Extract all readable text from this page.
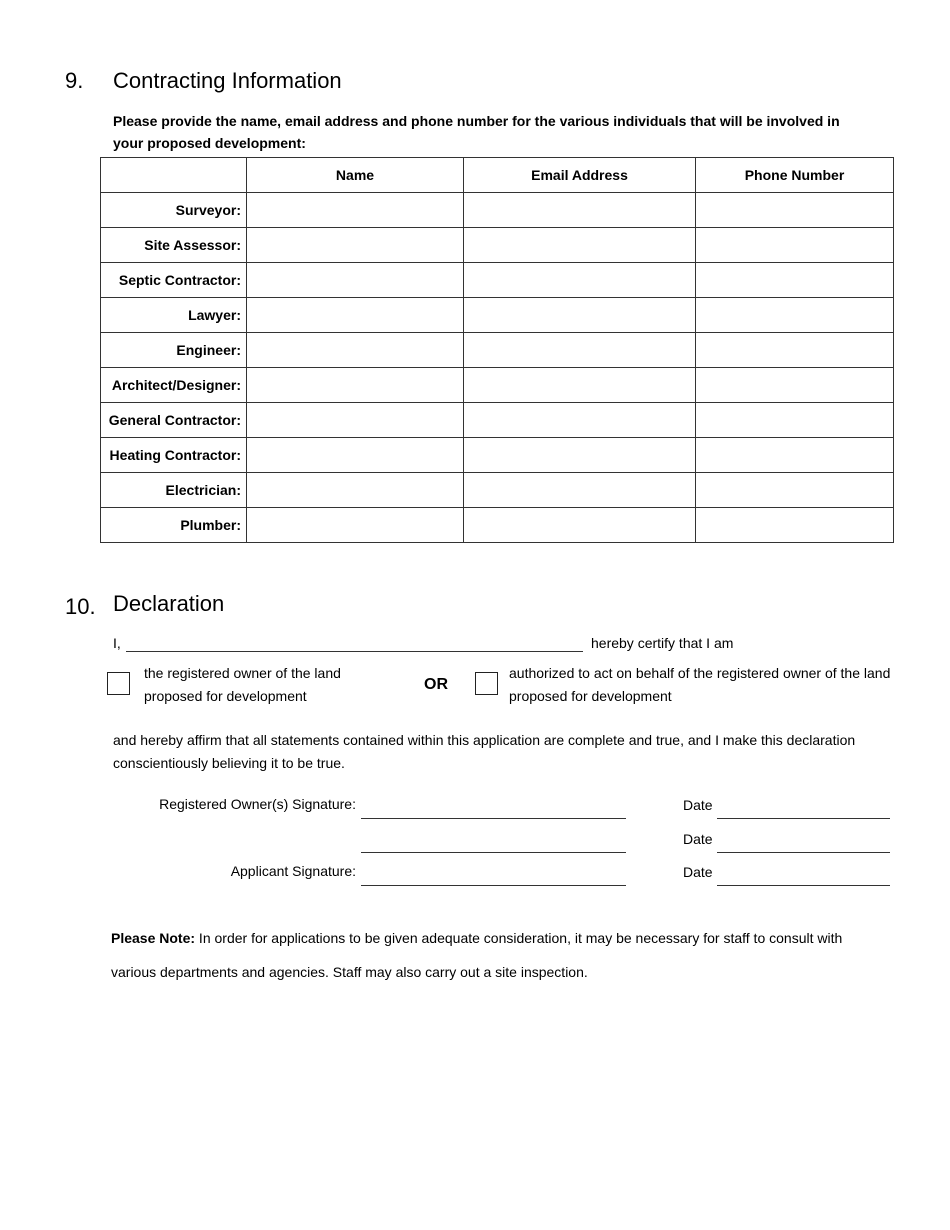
9. Contracting Information
Please provide the name, email address and phone number for the various individuals that will be involved in your proposed development:
	Name	Email Address	Phone Number
Surveyor:			
Site Assessor:			
Septic Contractor:			
Lawyer:			
Engineer:			
Architect/Designer:			
General Contractor:			
Heating Contractor:			
Electrician:			
Plumber:			
10. Declaration
I,	hereby certify that I am
the registered owner of the land proposed for development
OR
authorized to act on behalf of the registered owner of the land proposed for development
and hereby affirm that all statements contained within this application are complete and true, and I make this declaration conscientiously believing it to be true.
Registered Owner(s) Signature:	Date
Date
Applicant Signature:	Date
Please Note: In order for applications to be given adequate consideration, it may be necessary for staff to consult with various departments and agencies. Staff may also carry out a site inspection.
